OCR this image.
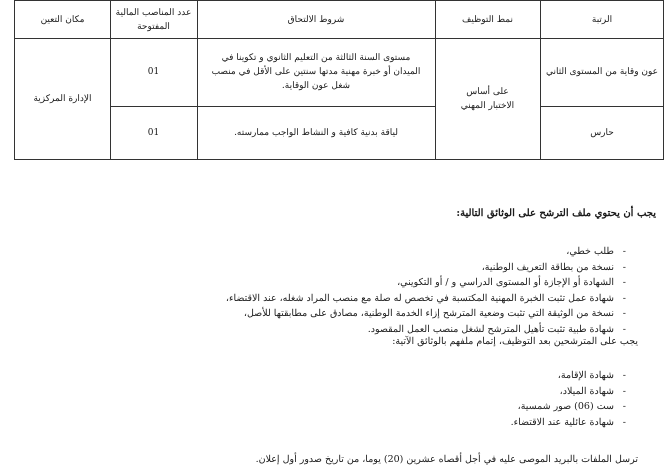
الرتبة
نمط التوظيف
شروط الالتحاق
عدد المناصب المالية المفتوحة
مكان التعين
عون وقاية من المستوى الثاني
مستوى السنة الثالثة من التعليم الثانوي و تكوينا في الميدان أو خبرة مهنية مدتها سنتين على الأقل في منصب شغل عون الوقاية.
01
حارس
لياقة بدنية كافية و النشاط الواجب ممارسته.
01
على أساس الاختبار المهني
الإدارة المركزية
يجب أن يحتوي ملف الترشح على الوثائق التالية:
- طلب خطي،
- نسخة من بطاقة التعريف الوطنية،
- الشهادة أو الإجازة أو المستوى الدراسي و / أو التكويني،
- شهادة عمل تثبت الخبرة المهنية المكتسبة في تخصص له صلة مع منصب المراد شغله، عند الاقتضاء،
- نسخة من الوثيقة التي تثبت وضعية المترشح إزاء الخدمة الوطنية، مصادق على مطابقتها للأصل،
- شهادة طبية تثبت تأهيل المترشح لشغل منصب العمل المقصود.
يجب على المترشحين بعد التوظيف، إتمام ملفهم بالوثائق الآتية:
- شهادة الإقامة،
- شهادة الميلاد،
- ست (06) صور شمسية،
- شهادة عائلية عند الاقتضاء.
ترسل الملفات بالبريد الموصى عليه في أجل أقصاه عشرين (20) يوما، من تاريخ صدور أول إعلان.
